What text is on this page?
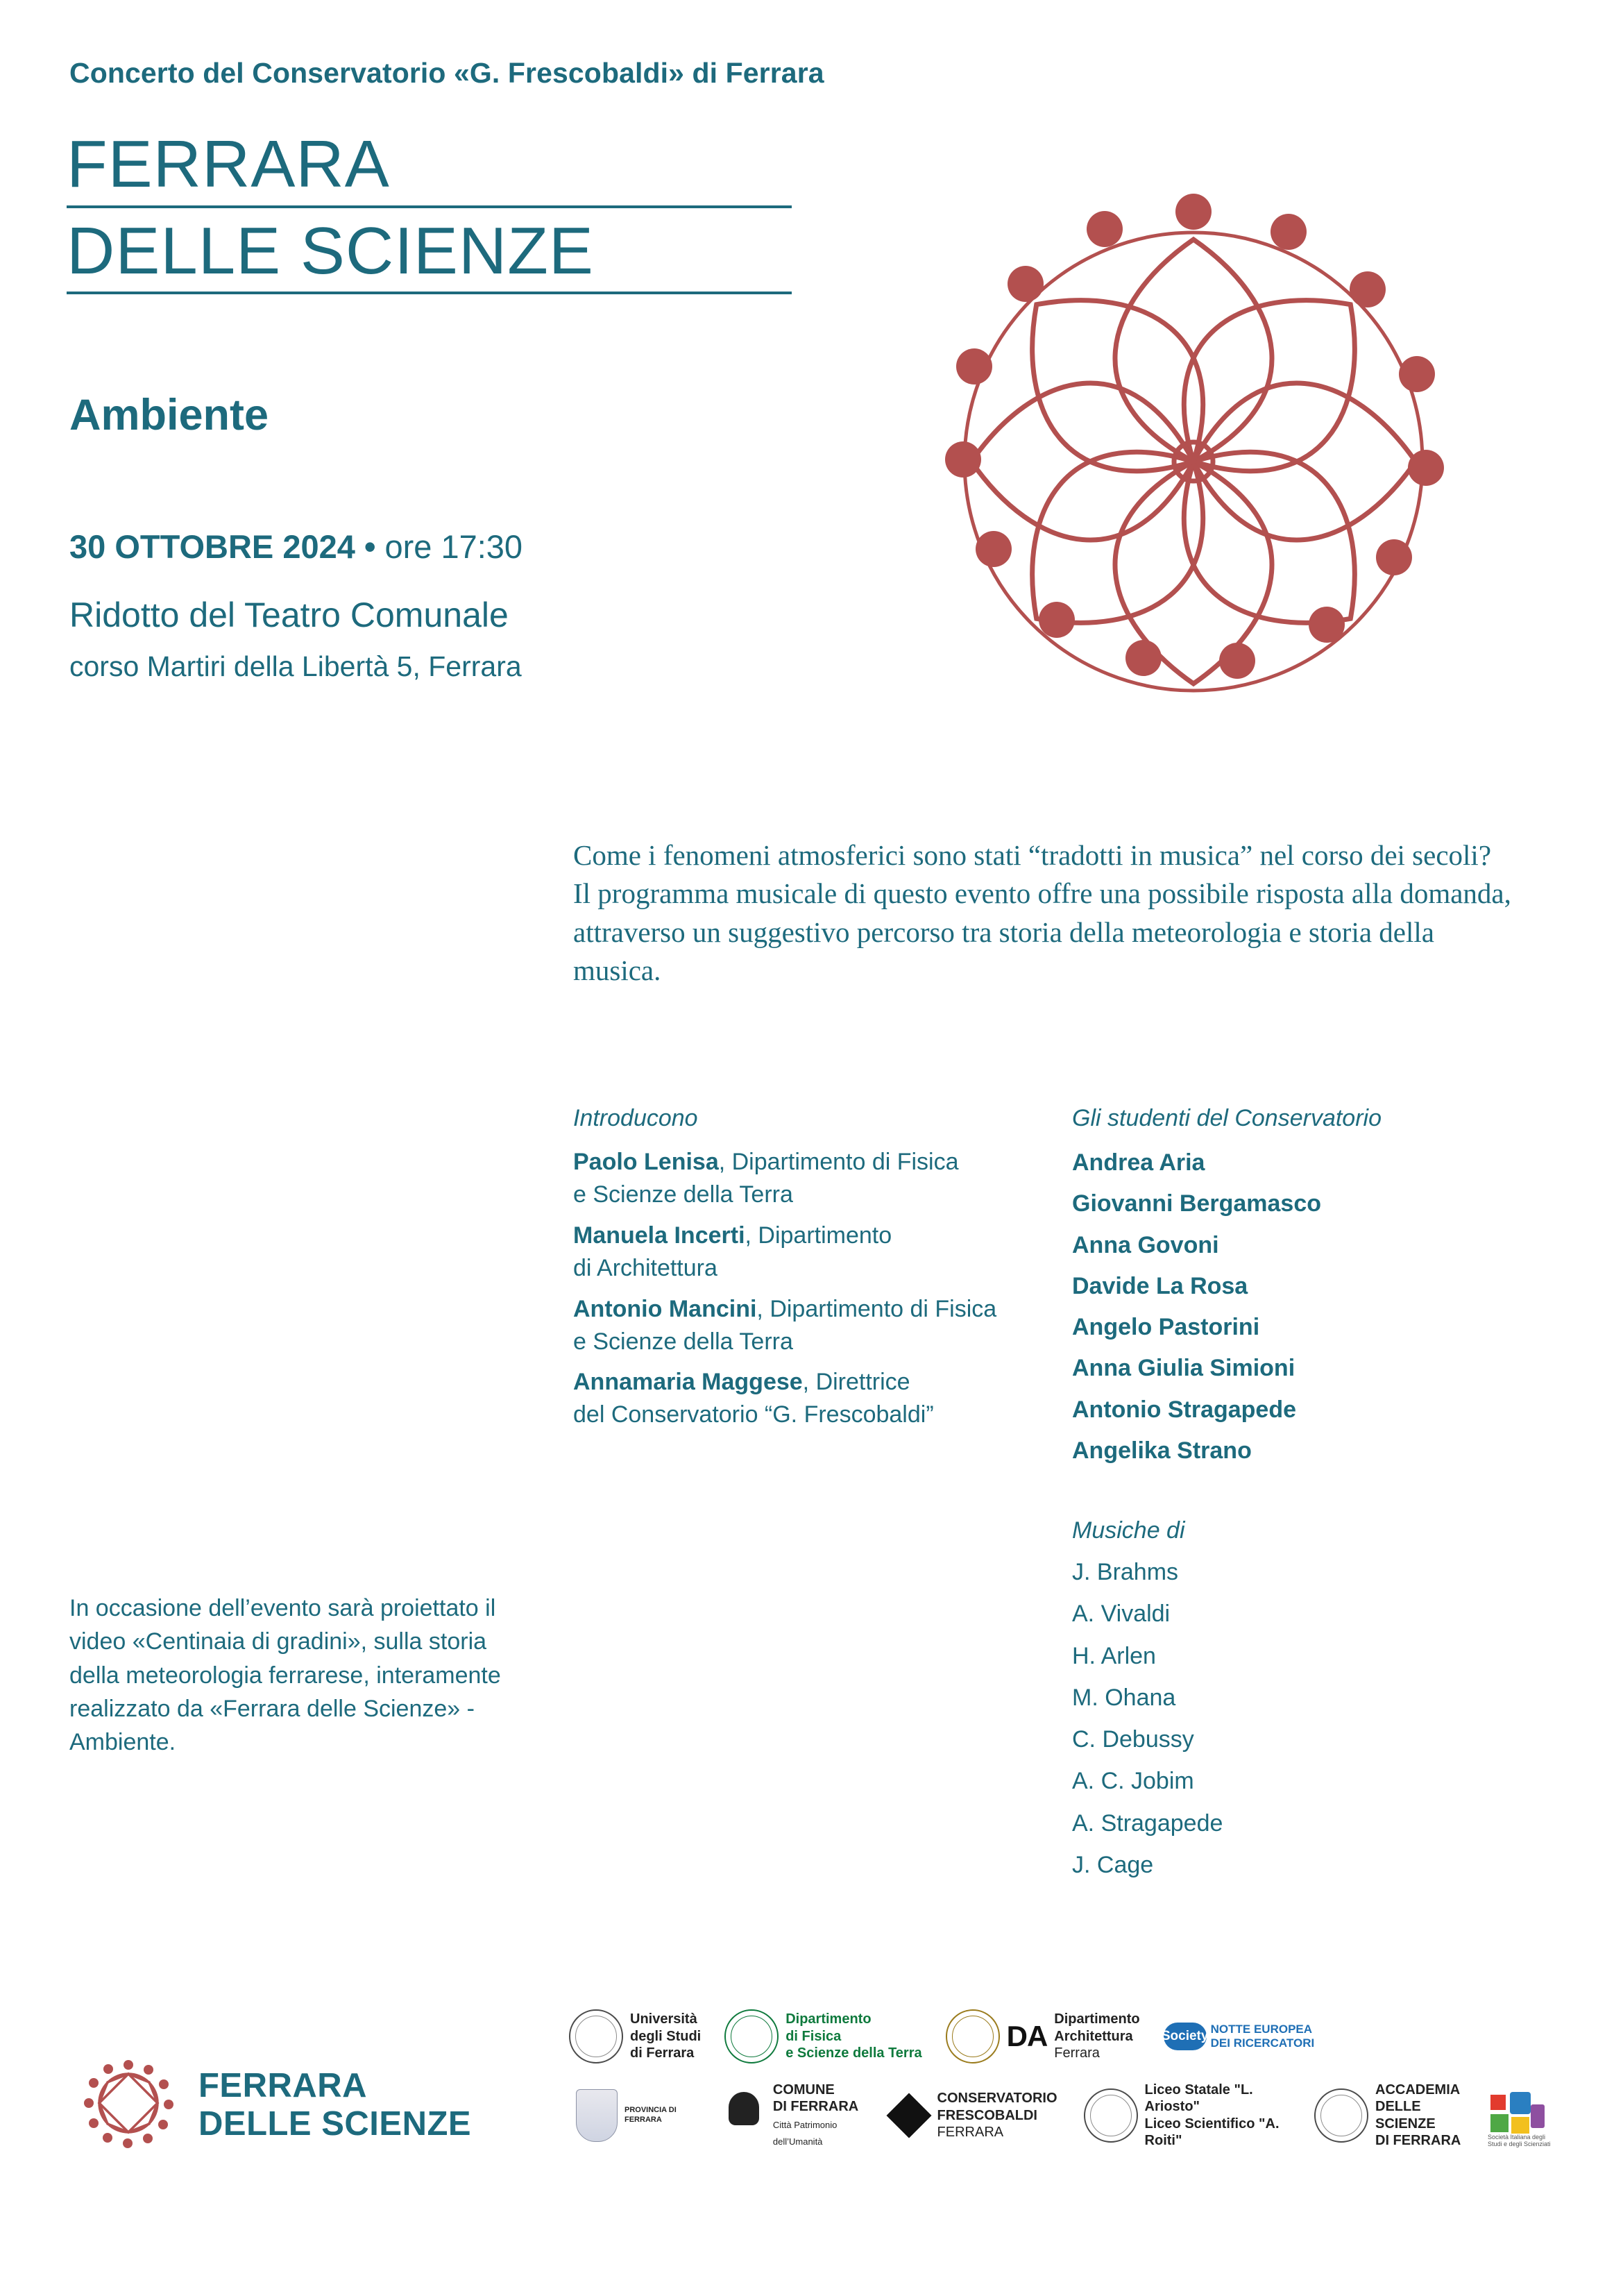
Concerto del Conservatorio «G. Frescobaldi» di Ferrara
FERRARA
DELLE SCIENZE
Ambiente
30 OTTOBRE 2024 • ore 17:30
Ridotto del Teatro Comunale
corso Martiri della Libertà 5, Ferrara
Come i fenomeni atmosferici sono stati “tradotti in musica” nel corso dei secoli? Il programma musicale di questo evento offre una possibile risposta alla domanda, attraverso un suggestivo percorso tra storia della meteorologia e storia della musica.
Introducono
Paolo Lenisa, Dipartimento di Fisica
e Scienze della Terra
Manuela Incerti, Dipartimento
di Architettura
Antonio Mancini, Dipartimento di Fisica
e Scienze della Terra
Annamaria Maggese, Direttrice
del Conservatorio “G. Frescobaldi”
Gli studenti del Conservatorio
Andrea Aria
Giovanni Bergamasco
Anna Govoni
Davide La Rosa
Angelo Pastorini
Anna Giulia Simioni
Antonio Stragapede
Angelika Strano
Musiche di
J. Brahms
A. Vivaldi
H. Arlen
M. Ohana
C. Debussy
A. C. Jobim
A. Stragapede
J. Cage
In occasione dell’evento sarà proiettato il video «Centinaia di gradini», sulla storia della meteorologia ferrarese, interamente realizzato da «Ferrara delle Scienze» - Ambiente.
FERRARA
DELLE SCIENZE
Università
degli Studi
di Ferrara
Dipartimento
di Fisica
e Scienze della Terra
DA
Dipartimento
Architettura
Ferrara
Society NOTTE EUROPEA
DEI RICERCATORI
PROVINCIA DI FERRARA
COMUNE
DI FERRARA
Città Patrimonio dell’Umanità
CONSERVATORIO
FRESCOBALDI
FERRARA
Liceo Statale "L. Ariosto"
Liceo Scientifico "A. Roiti"
ACCADEMIA
DELLE SCIENZE
DI FERRARA	Società Italiana degli Studi e degli Scienziati
